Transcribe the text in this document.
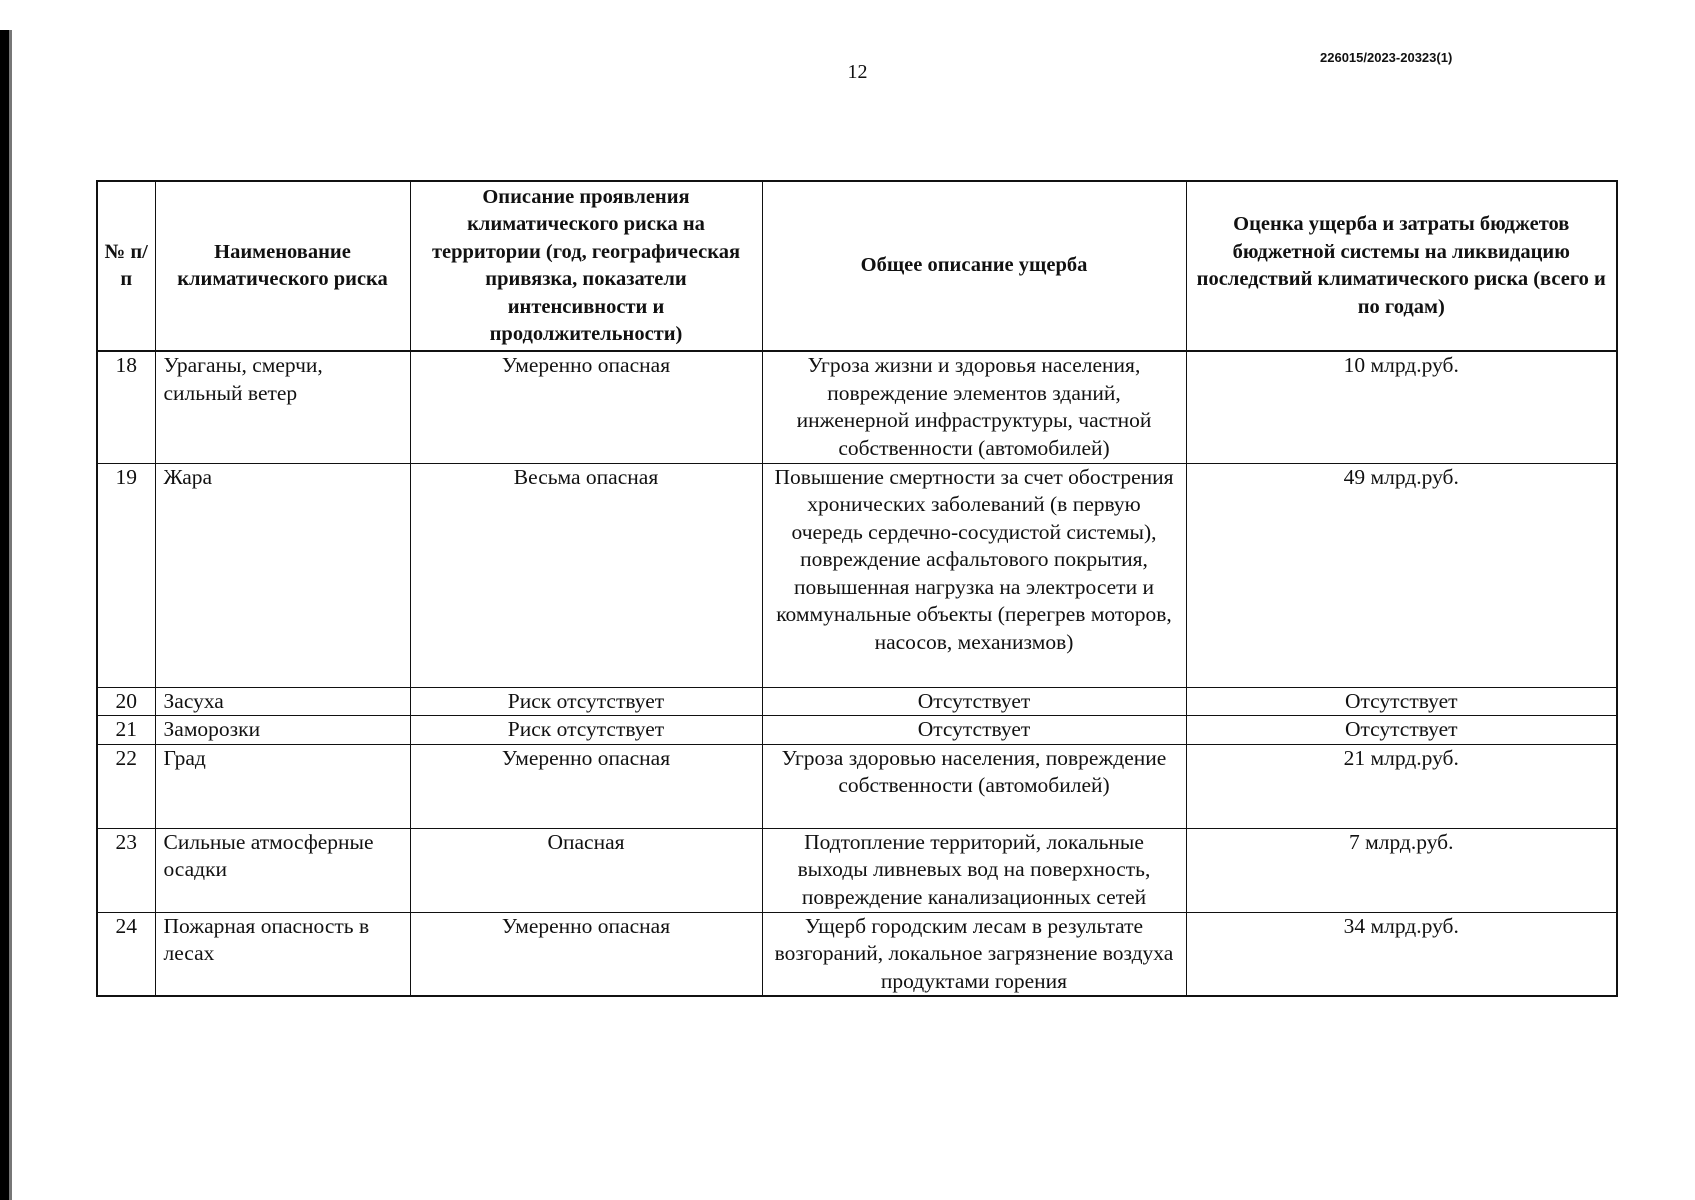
12
226015/2023-20323(1)
№ п/п	Наименование климатического риска	Описание проявления климатического риска на территории (год, географическая привязка, показатели интенсивности и продолжительности)	Общее описание ущерба	Оценка ущерба и затраты бюджетов бюджетной системы на ликвидацию последствий климатического риска (всего и по годам)
18	Ураганы, смерчи, сильный ветер	Умеренно опасная	Угроза жизни и здоровья населения, повреждение элементов зданий, инженерной инфраструктуры, частной собственности (автомобилей)	10 млрд.руб.
19	Жара	Весьма опасная	Повышение смертности за счет обострения хронических заболеваний (в первую очередь сердечно-сосудистой системы), повреждение асфальтового покрытия, повышенная нагрузка на электросети и коммунальные объекты (перегрев моторов, насосов, механизмов)	49 млрд.руб.
20	Засуха	Риск отсутствует	Отсутствует	Отсутствует
21	Заморозки	Риск отсутствует	Отсутствует	Отсутствует
22	Град	Умеренно опасная	Угроза здоровью населения, повреждение собственности (автомобилей)	21 млрд.руб.
23	Сильные атмосферные осадки	Опасная	Подтопление территорий, локальные выходы ливневых вод на поверхность, повреждение канализационных сетей	7 млрд.руб.
24	Пожарная опасность в лесах	Умеренно опасная	Ущерб городским лесам в результате возгораний, локальное загрязнение воздуха продуктами горения	34 млрд.руб.
